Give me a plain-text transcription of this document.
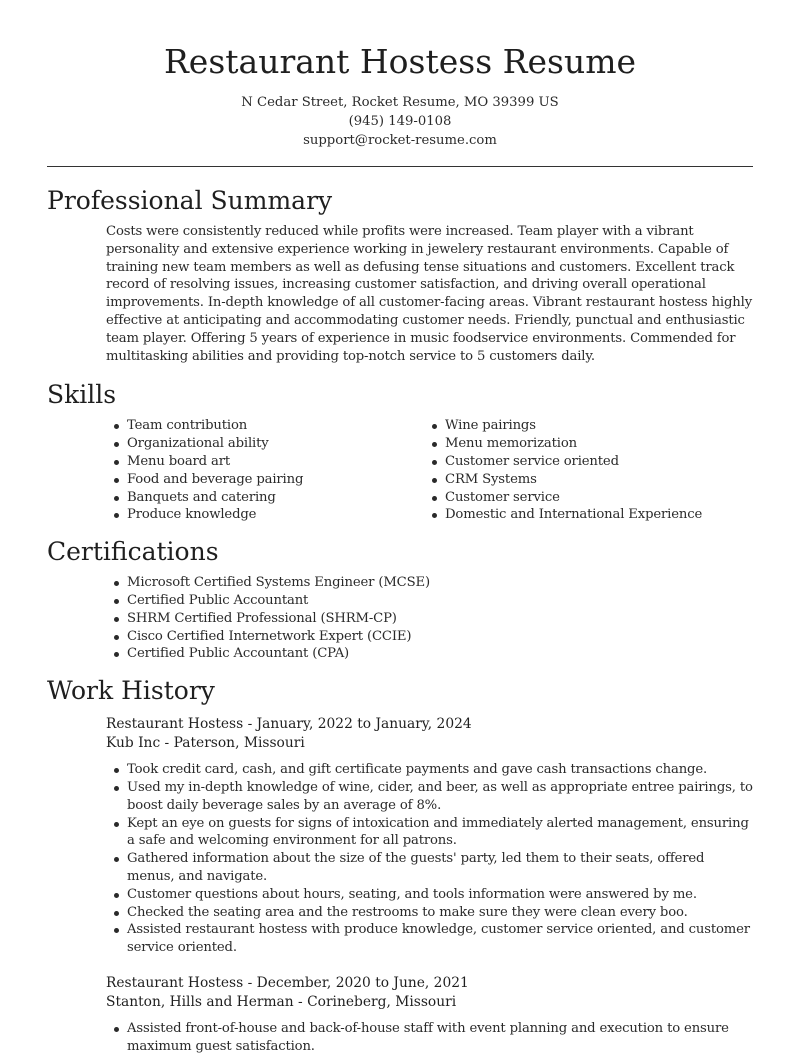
Restaurant Hostess Resume
N Cedar Street, Rocket Resume, MO 39399 US
(945) 149-0108
support@rocket-resume.com
Professional Summary

Costs were consistently reduced while profits were increased. Team player with a vibrant personality and extensive experience working in jewelery restaurant environments. Capable of training new team members as well as defusing tense situations and customers. Excellent track record of resolving issues, increasing customer satisfaction, and driving overall operational improvements. In-depth knowledge of all customer-facing areas. Vibrant restaurant hostess highly effective at anticipating and accommodating customer needs. Friendly, punctual and enthusiastic team player. Offering 5 years of experience in music foodservice environments. Commended for multitasking abilities and providing top-notch service to 5 customers daily.

Skills
Team contribution
Organizational ability
Menu board art
Food and beverage pairing
Banquets and catering
Produce knowledge
Wine pairings
Menu memorization
Customer service oriented
CRM Systems
Customer service
Domestic and International Experience
Certifications
Microsoft Certified Systems Engineer (MCSE)
Certified Public Accountant
SHRM Certified Professional (SHRM-CP)
Cisco Certified Internetwork Expert (CCIE)
Certified Public Accountant (CPA)
Work History
Restaurant Hostess - January, 2022 to January, 2024
Kub Inc - Paterson, Missouri
Took credit card, cash, and gift certificate payments and gave cash transactions change.
Used my in-depth knowledge of wine, cider, and beer, as well as appropriate entree pairings, to boost daily beverage sales by an average of 8%.
Kept an eye on guests for signs of intoxication and immediately alerted management, ensuring a safe and welcoming environment for all patrons.
Gathered information about the size of the guests' party, led them to their seats, offered menus, and navigate.
Customer questions about hours, seating, and tools information were answered by me.
Checked the seating area and the restrooms to make sure they were clean every boo.
Assisted restaurant hostess with produce knowledge, customer service oriented, and customer service oriented.
Restaurant Hostess - December, 2020 to June, 2021
Stanton, Hills and Herman - Corineberg, Missouri
Assisted front-of-house and back-of-house staff with event planning and execution to ensure maximum guest satisfaction.
